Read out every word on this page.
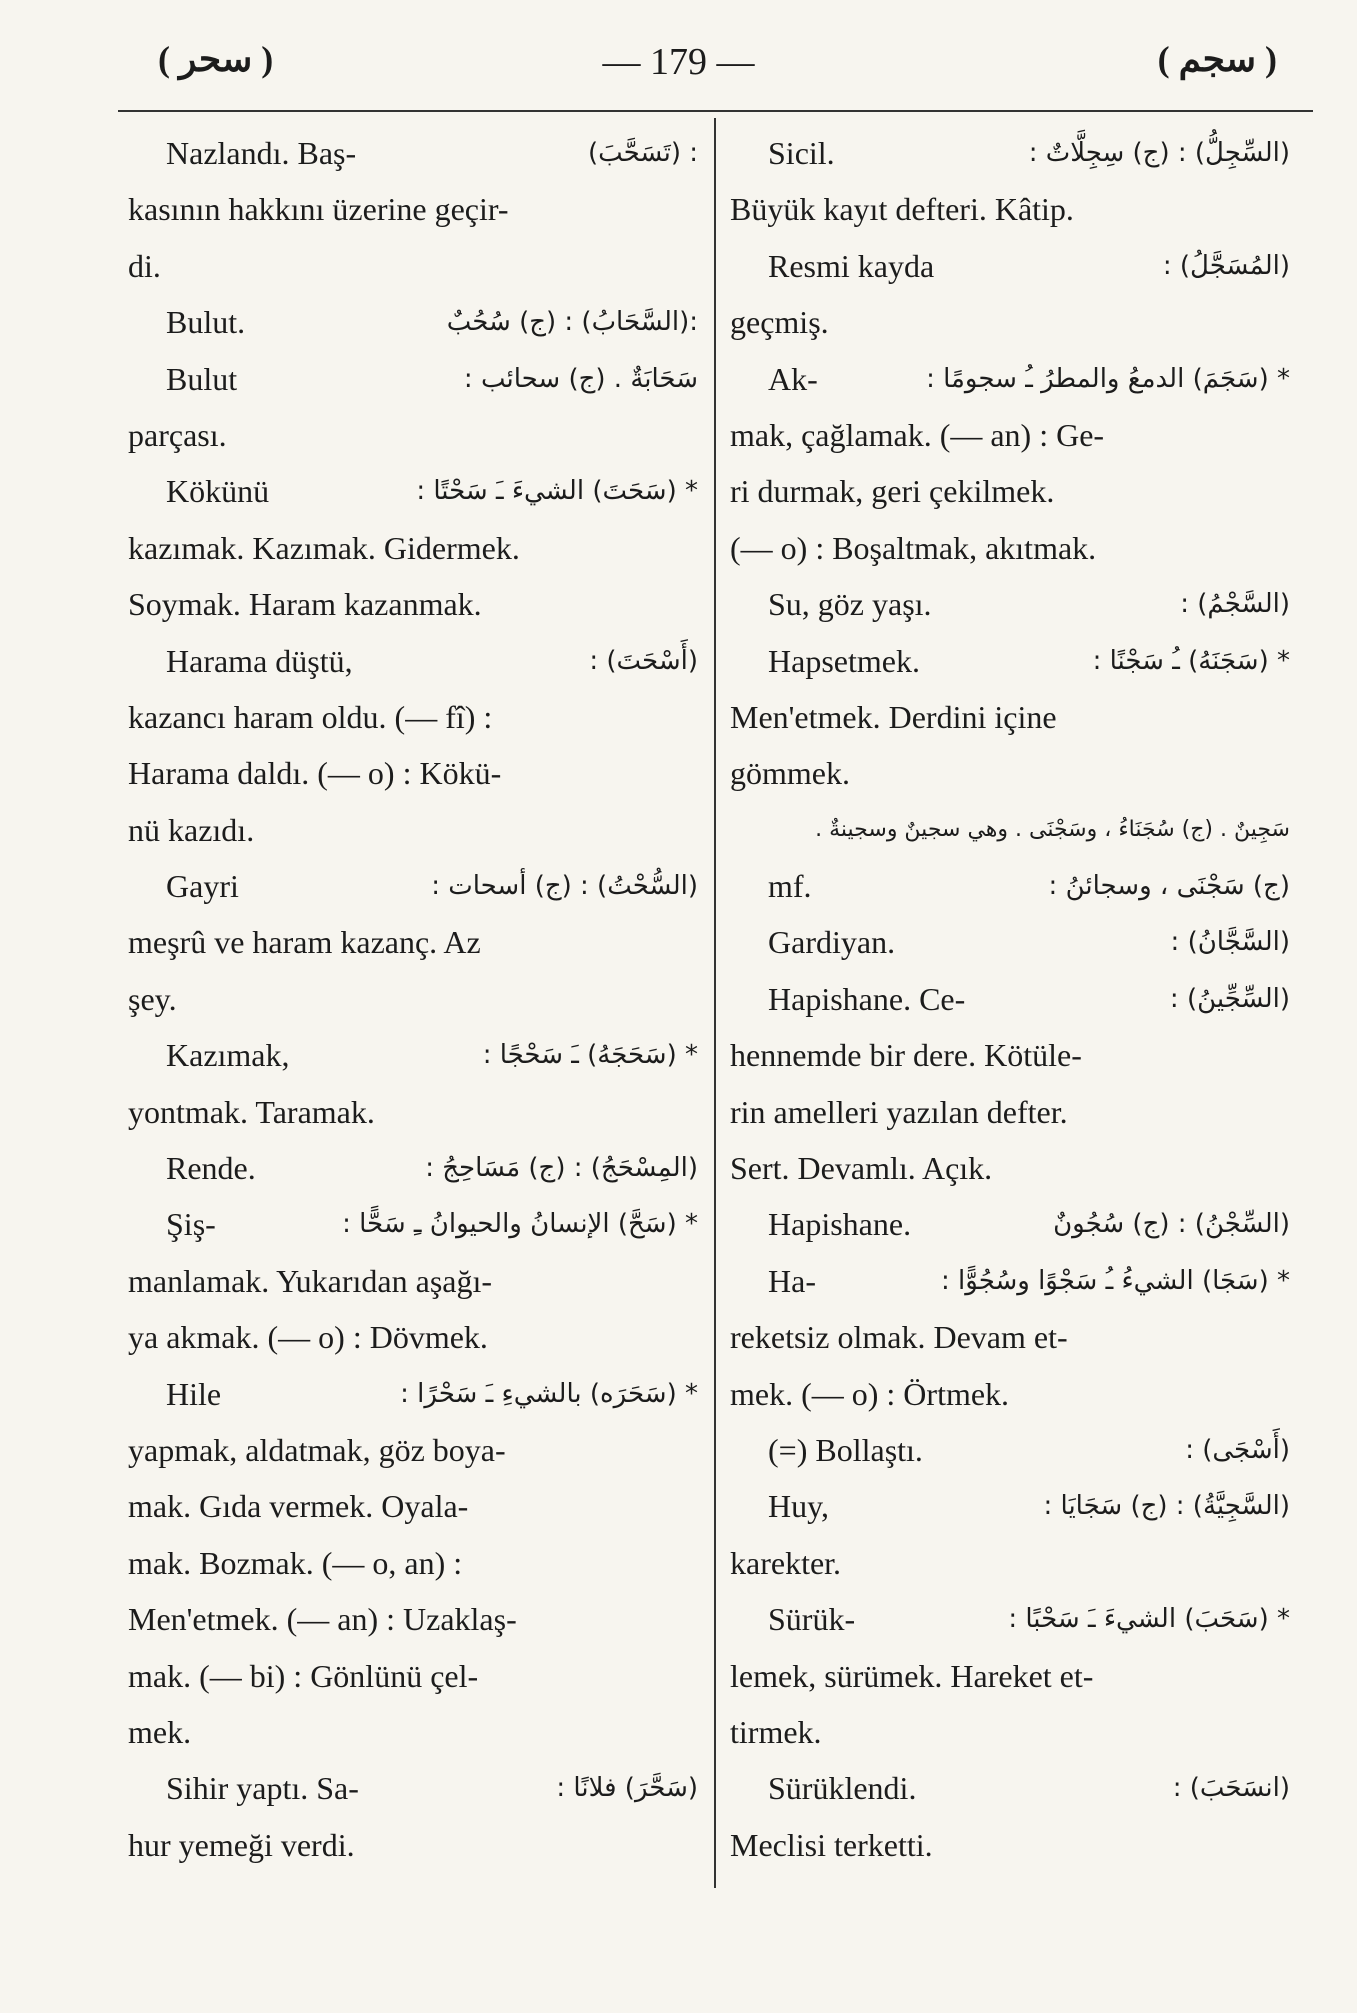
( سحر )	— 179 —	( سجم )
Nazlandı. Baş-	: (تَسَحَّبَ)
kasının hakkını üzerine geçir-
di.
Bulut.	:(السَّحَابُ) : (ج) سُحُبٌ
Bulut	سَحَابَةٌ . (ج) سحائب :
parçası.
Kökünü	* (سَحَتَ) الشيءَ ـَ سَحْتًا :
kazımak. Kazımak. Gidermek.
Soymak. Haram kazanmak.
Harama düştü,	(أَسْحَتَ) :
kazancı haram oldu. (— fî) :
Harama daldı. (— o) : Kökü-
nü kazıdı.
Gayri	(السُّحْتُ) : (ج) أسحات :
meşrû ve haram kazanç. Az
şey.
Kazımak,	* (سَحَجَهُ) ـَ سَحْجًا :
yontmak. Taramak.
Rende.	(المِسْحَجُ) : (ج) مَسَاحِجُ :
Şiş-	* (سَحَّ) الإنسانُ والحيوانُ ـِ سَحًّا :
manlamak. Yukarıdan aşağı-
ya akmak. (— o) : Dövmek.
Hile	* (سَحَرَه) بالشيءِ ـَ سَحْرًا :
yapmak, aldatmak, göz boya-
mak. Gıda vermek. Oyala-
mak. Bozmak. (— o, an) :
Men'etmek. (— an) : Uzaklaş-
mak. (— bi) : Gönlünü çel-
mek.
Sihir yaptı. Sa-	(سَحَّرَ) فلانًا :
hur yemeği verdi.
Sicil.	(السِّجِلُّ) : (ج) سِجِلَّاتٌ :
Büyük kayıt defteri. Kâtip.
Resmi kayda	(المُسَجَّلُ) :
geçmiş.
Ak-	* (سَجَمَ) الدمعُ والمطرُ ـُ سجومًا :
mak, çağlamak. (— an) : Ge-
ri durmak, geri çekilmek.
(— o) : Boşaltmak, akıtmak.
Su, göz yaşı.	(السَّجْمُ) :
Hapsetmek.	* (سَجَنَهُ) ـُ سَجْنًا :
Men'etmek. Derdini içine
gömmek.
سَجِينٌ . (ج) سُجَنَاءُ ، وسَجْنَى . وهي سجينٌ وسجينةٌ .
mf.	(ج) سَجْنَى ، وسجائنُ :
Gardiyan.	(السَّجَّانُ) :
Hapishane. Ce-	(السِّجِّينُ) :
hennemde bir dere. Kötüle-
rin amelleri yazılan defter.
Sert. Devamlı. Açık.
Hapishane.	(السِّجْنُ) : (ج) سُجُونٌ
Ha-	* (سَجَا) الشيءُ ـُ سَجْوًا وسُجُوًّا :
reketsiz olmak. Devam et-
mek. (— o) : Örtmek.
(=) Bollaştı.	(أَسْجَى) :
Huy,	(السَّجِيَّةُ) : (ج) سَجَايَا :
karekter.
Sürük-	* (سَحَبَ) الشيءَ ـَ سَحْبًا :
lemek, sürümek. Hareket et-
tirmek.
Sürüklendi.	(انسَحَبَ) :
Meclisi terketti.
